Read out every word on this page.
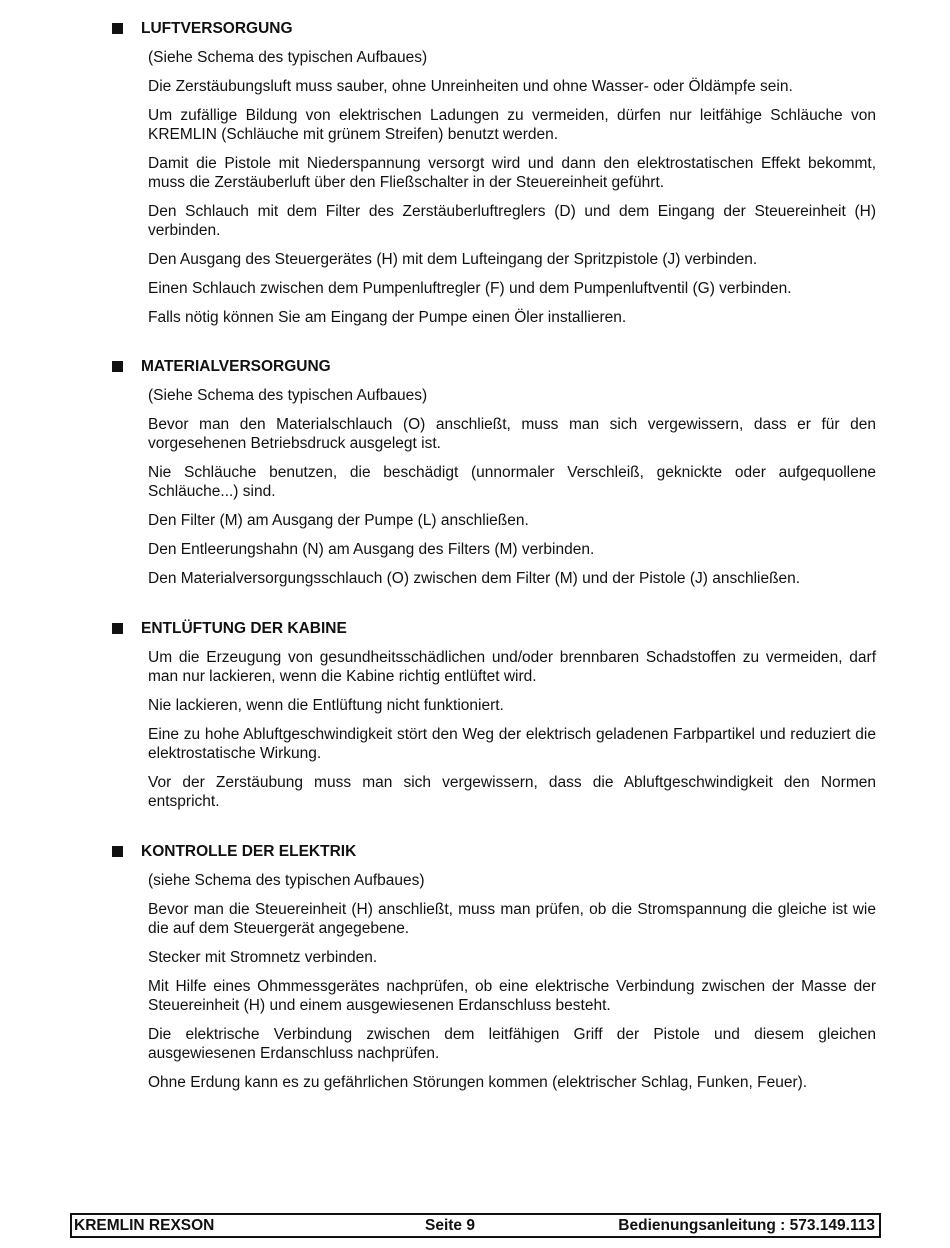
LUFTVERSORGUNG

(Siehe Schema des typischen Aufbaues)

Die Zerstäubungsluft muss sauber, ohne Unreinheiten und ohne Wasser- oder Öldämpfe sein.

Um zufällige Bildung von elektrischen Ladungen zu vermeiden, dürfen nur leitfähige Schläuche von KREMLIN (Schläuche mit grünem Streifen) benutzt werden.

Damit die Pistole mit Niederspannung versorgt wird und dann den elektrostatischen Effekt bekommt, muss die Zerstäuberluft über den Fließschalter in der Steuereinheit geführt.

Den Schlauch mit dem Filter des Zerstäuberluftreglers (D) und dem Eingang der Steuereinheit (H) verbinden.

Den Ausgang des Steuergerätes (H) mit dem Lufteingang der Spritzpistole (J) verbinden.

Einen Schlauch zwischen dem Pumpenluftregler (F) und dem Pumpenluftventil (G) verbinden.

Falls nötig können Sie am Eingang der Pumpe einen Öler installieren.

MATERIALVERSORGUNG

(Siehe Schema des typischen Aufbaues)

Bevor man den Materialschlauch (O) anschließt, muss man sich vergewissern, dass er für den vorgesehenen Betriebsdruck ausgelegt ist.

Nie Schläuche benutzen, die beschädigt (unnormaler Verschleiß, geknickte oder aufgequollene Schläuche...) sind.

Den Filter (M) am Ausgang der Pumpe (L) anschließen.

Den Entleerungshahn (N) am Ausgang des Filters (M) verbinden.

Den Materialversorgungsschlauch (O) zwischen dem Filter (M) und der Pistole (J) anschließen.

ENTLÜFTUNG DER KABINE

Um die Erzeugung von gesundheitsschädlichen und/oder brennbaren Schadstoffen zu vermeiden, darf man nur lackieren, wenn die Kabine richtig entlüftet wird.

Nie lackieren, wenn die Entlüftung nicht funktioniert.

Eine zu hohe Abluftgeschwindigkeit stört den Weg der elektrisch geladenen Farbpartikel und reduziert die elektrostatische Wirkung.

Vor der Zerstäubung muss man sich vergewissern, dass die Abluftgeschwindigkeit den Normen entspricht.

KONTROLLE DER ELEKTRIK

(siehe Schema des typischen Aufbaues)

Bevor man die Steuereinheit (H) anschließt, muss man prüfen, ob die Stromspannung die gleiche ist wie die auf dem Steuergerät angegebene.

Stecker mit Stromnetz verbinden.

Mit Hilfe eines Ohmmessgerätes nachprüfen, ob eine elektrische Verbindung zwischen der Masse der Steuereinheit (H) und einem ausgewiesenen Erdanschluss besteht.

Die elektrische Verbindung zwischen dem leitfähigen Griff der Pistole und diesem gleichen ausgewiesenen Erdanschluss nachprüfen.

Ohne Erdung kann es zu gefährlichen Störungen kommen (elektrischer Schlag, Funken, Feuer).

KREMLIN REXSON	Seite 9	Bedienungsanleitung : 573.149.113
